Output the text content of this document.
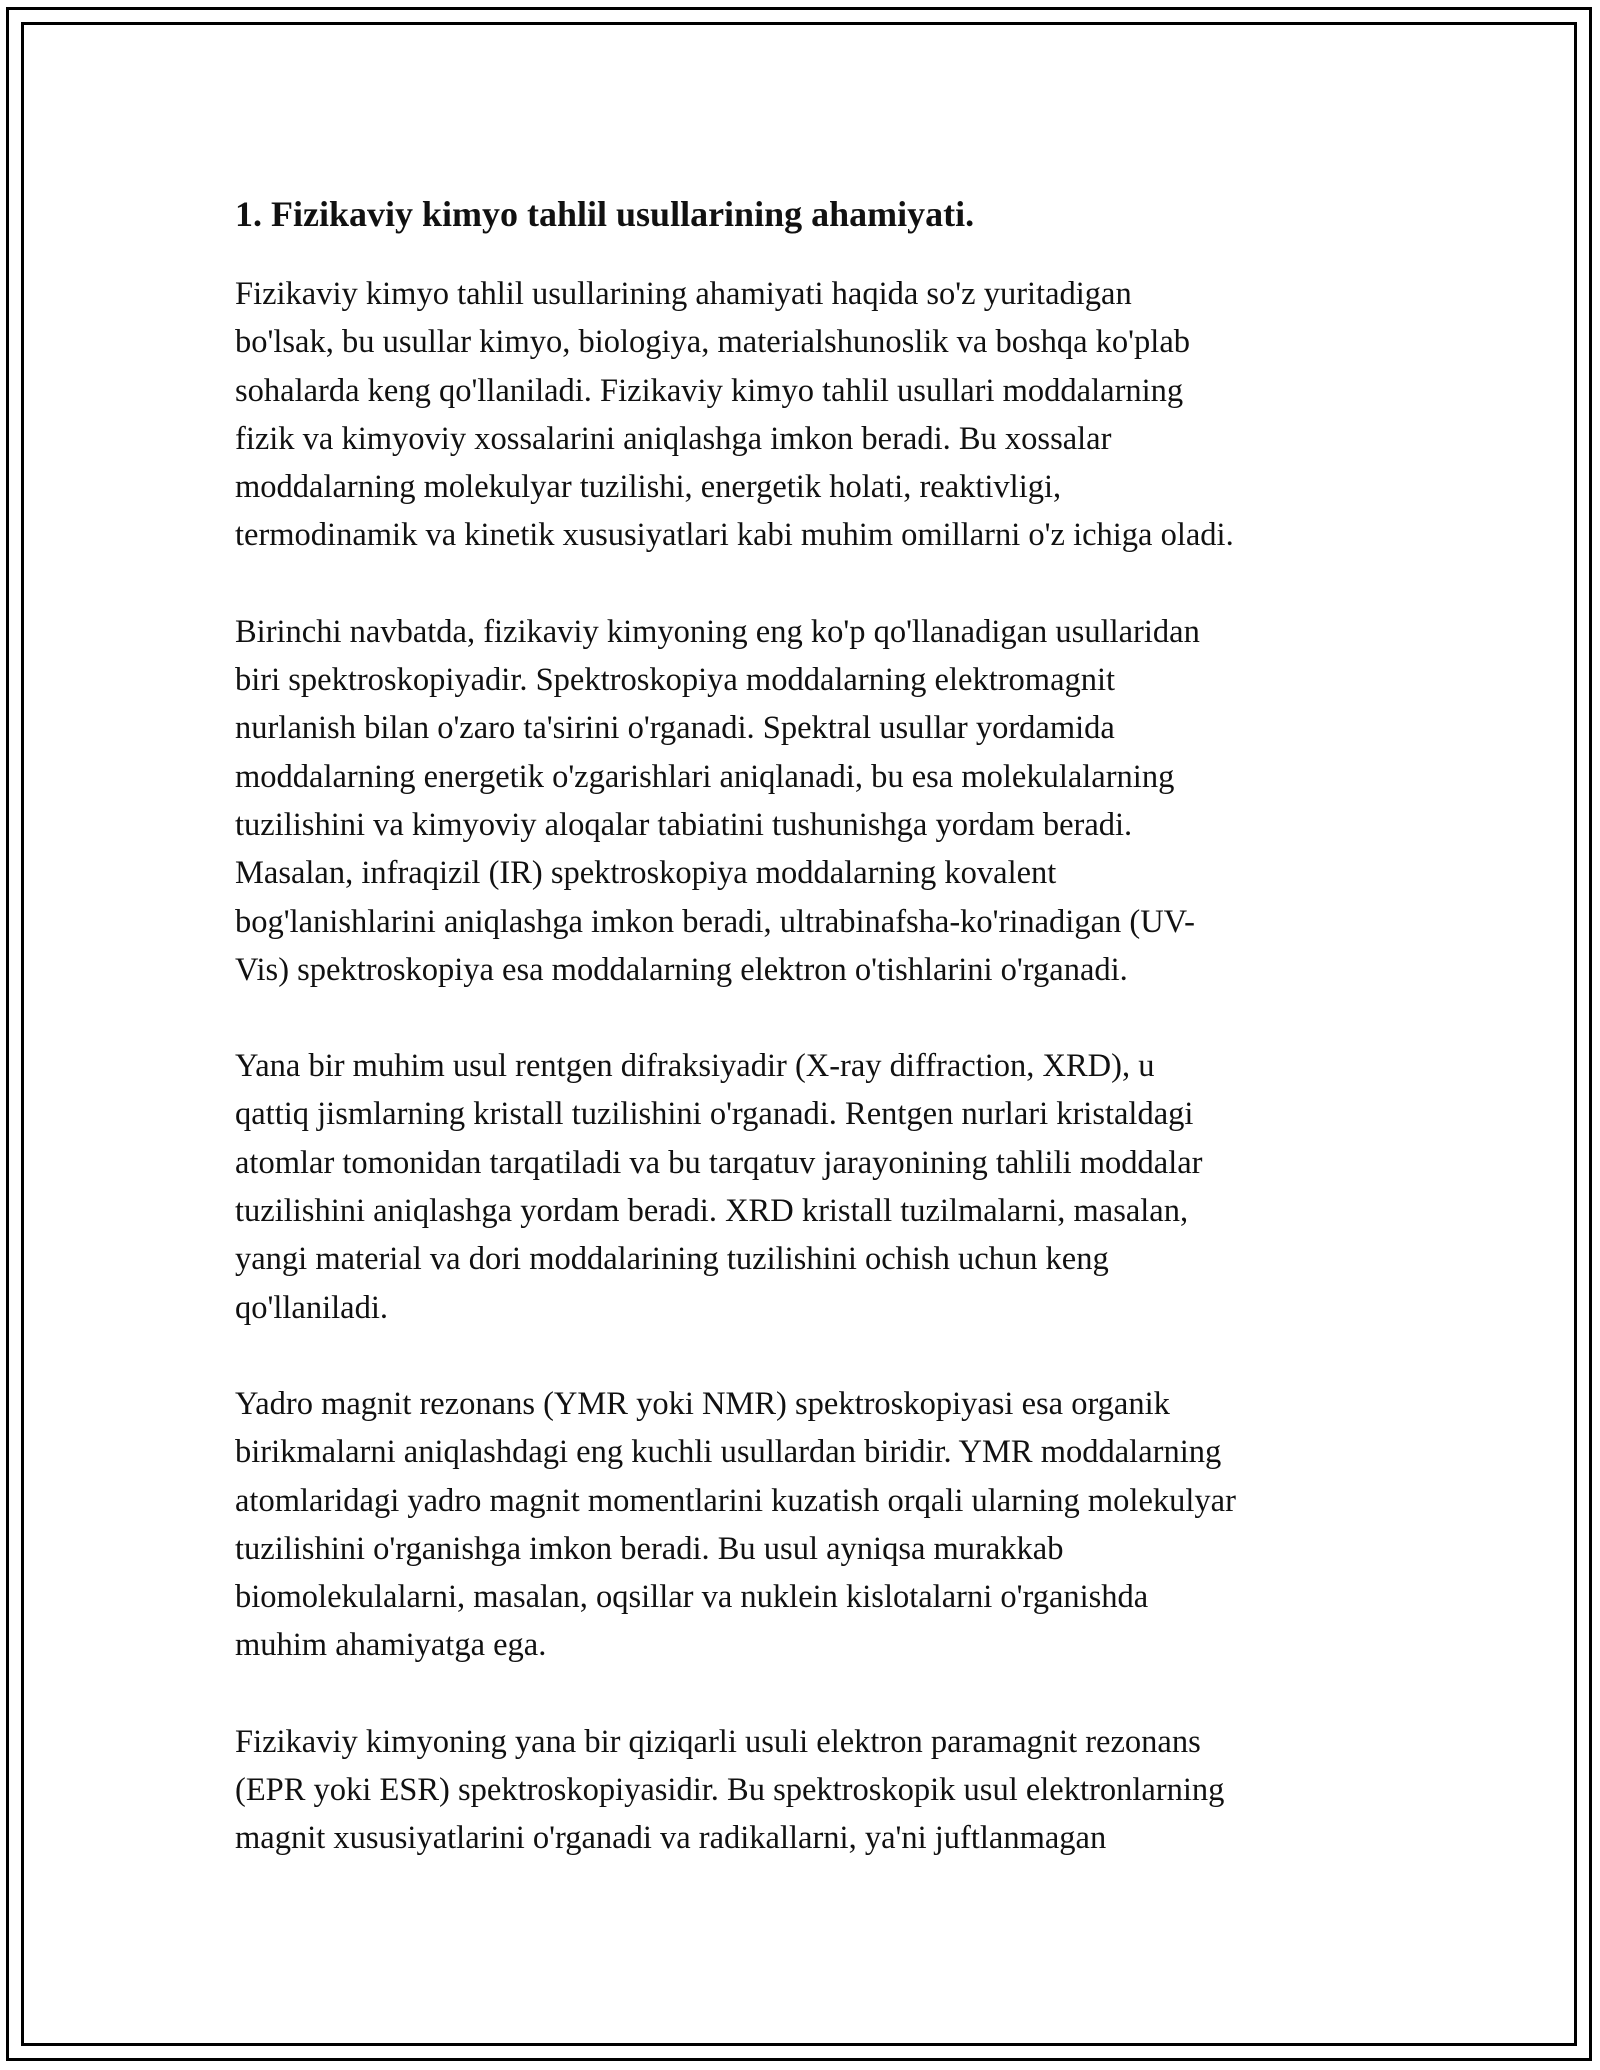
1. Fizikaviy kimyo tahlil usullarining ahamiyati.

Fizikaviy kimyo tahlil usullarining ahamiyati haqida so'z yuritadigan
bo'lsak, bu usullar kimyo, biologiya, materialshunoslik va boshqa ko'plab
sohalarda keng qo'llaniladi. Fizikaviy kimyo tahlil usullari moddalarning
fizik va kimyoviy xossalarini aniqlashga imkon beradi. Bu xossalar
moddalarning molekulyar tuzilishi, energetik holati, reaktivligi,
termodinamik va kinetik xususiyatlari kabi muhim omillarni o'z ichiga oladi.

Birinchi navbatda, fizikaviy kimyoning eng ko'p qo'llanadigan usullaridan
biri spektroskopiyadir. Spektroskopiya moddalarning elektromagnit
nurlanish bilan o'zaro ta'sirini o'rganadi. Spektral usullar yordamida
moddalarning energetik o'zgarishlari aniqlanadi, bu esa molekulalarning
tuzilishini va kimyoviy aloqalar tabiatini tushunishga yordam beradi.
Masalan, infraqizil (IR) spektroskopiya moddalarning kovalent
bog'lanishlarini aniqlashga imkon beradi, ultrabinafsha-ko'rinadigan (UV-
Vis) spektroskopiya esa moddalarning elektron o'tishlarini o'rganadi.

Yana bir muhim usul rentgen difraksiyadir (X-ray diffraction, XRD), u
qattiq jismlarning kristall tuzilishini o'rganadi. Rentgen nurlari kristaldagi
atomlar tomonidan tarqatiladi va bu tarqatuv jarayonining tahlili moddalar
tuzilishini aniqlashga yordam beradi. XRD kristall tuzilmalarni, masalan,
yangi material va dori moddalarining tuzilishini ochish uchun keng
qo'llaniladi.

Yadro magnit rezonans (YMR yoki NMR) spektroskopiyasi esa organik
birikmalarni aniqlashdagi eng kuchli usullardan biridir. YMR moddalarning
atomlaridagi yadro magnit momentlarini kuzatish orqali ularning molekulyar
tuzilishini o'rganishga imkon beradi. Bu usul ayniqsa murakkab
biomolekulalarni, masalan, oqsillar va nuklein kislotalarni o'rganishda
muhim ahamiyatga ega.

Fizikaviy kimyoning yana bir qiziqarli usuli elektron paramagnit rezonans
(EPR yoki ESR) spektroskopiyasidir. Bu spektroskopik usul elektronlarning
magnit xususiyatlarini o'rganadi va radikallarni, ya'ni juftlanmagan
